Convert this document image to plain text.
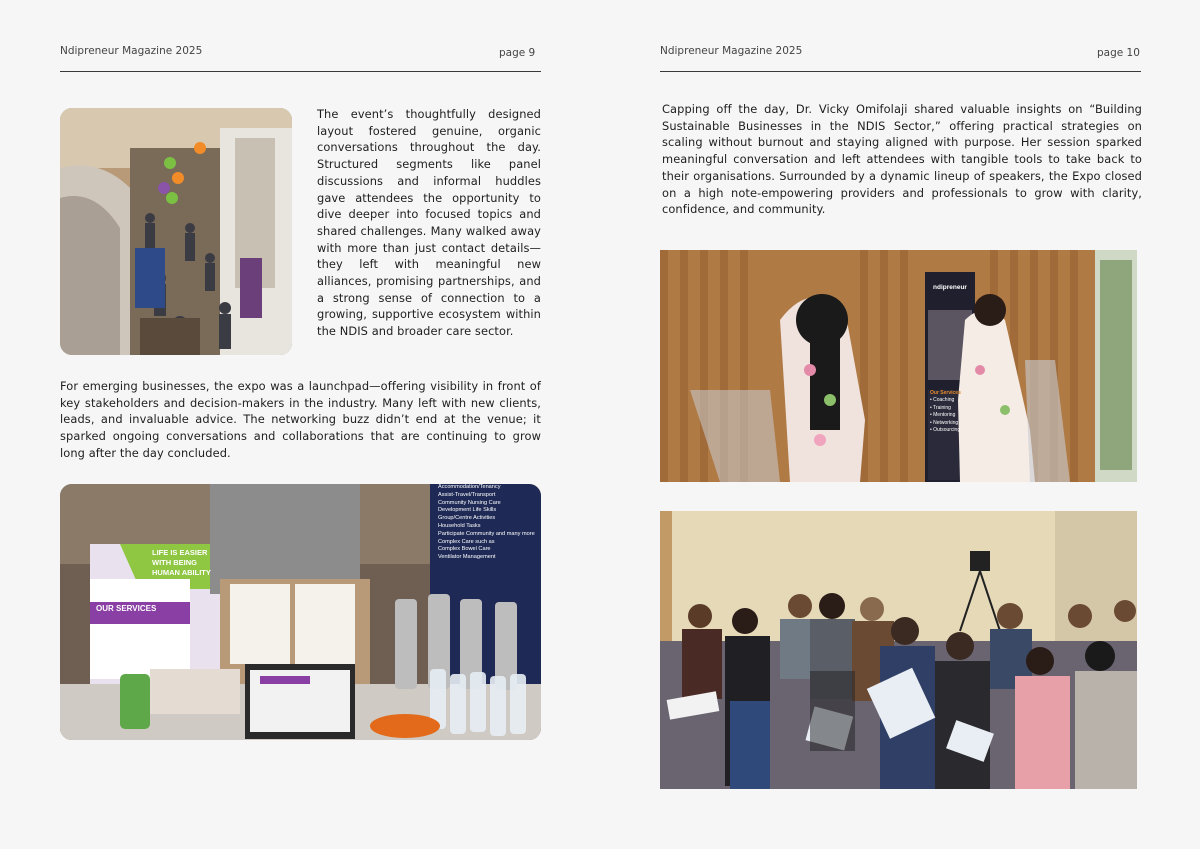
Ndipreneur Magazine 2025	page 9
The event’s thoughtfully designed layout fostered genuine, organic conversations throughout the day. Structured segments like panel discussions and informal huddles gave attendees the opportunity to dive deeper into focused topics and shared challenges. Many walked away with more than just contact details—they left with meaningful new alliances, promising partnerships, and a strong sense of connection to a growing, supportive ecosystem within the NDIS and broader care sector.
For emerging businesses, the expo was a launchpad—offering visibility in front of key stakeholders and decision-makers in the industry. Many left with new clients, leads, and invaluable advice. The networking buzz didn’t end at the venue; it sparked ongoing conversations and collaborations that are continuing to grow long after the day concluded.
OUR SERVICES
LIFE IS EASIER WITH BEING HUMAN ABILITY
Accommodation/Tenancy
Assist-Travel/Transport
Community Nursing Care
Development Life Skills
Group/Centre Activities
Household Tasks
Participate Community and many more
Complex Care such as
Complex Bowel Care
Ventilator Management
Ndipreneur Magazine 2025	page 10
Capping off the day, Dr. Vicky Omifolaji shared valuable insights on “Building Sustainable Businesses in the NDIS Sector,” offering practical strategies on scaling without burnout and staying aligned with purpose. Her session sparked meaningful conversation and left attendees with tangible tools to take back to their organisations. Surrounded by a dynamic lineup of speakers, the Expo closed on a high note-empowering providers and professionals to grow with clarity, confidence, and community.
ndipreneur
Our Services
• Coaching
• Training
• Mentoring
• Networking
• Outsourcing
